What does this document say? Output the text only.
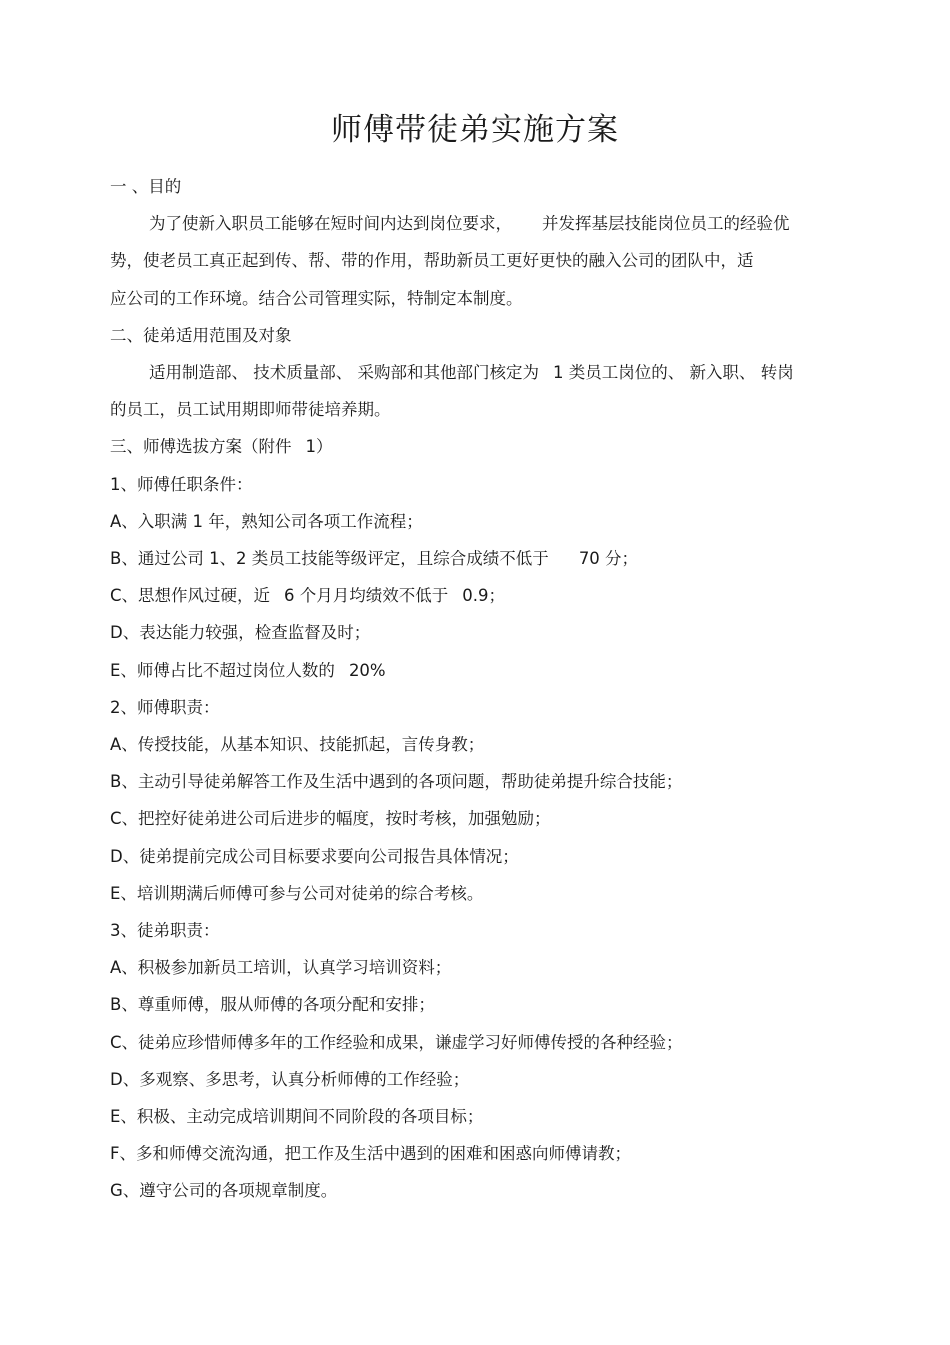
师傅带徒弟实施方案

一 、目的

为了使新入职员工能够在短时间内达到岗位要求， 并发挥基层技能岗位员工的经验优

势，使老员工真正起到传、帮、带的作用，帮助新员工更好更快的融入公司的团队中，适

应公司的工作环境。结合公司管理实际，特制定本制度。

二、徒弟适用范围及对象

适用制造部、 技术质量部、 采购部和其他部门核定为 1 类员工岗位的、 新入职、 转岗

的员工，员工试用期即师带徒培养期。

三、师傅选拔方案（附件 1）

1、师傅任职条件：

A、入职满 1 年，熟知公司各项工作流程；

B、通过公司 1、2 类员工技能等级评定，且综合成绩不低于 70 分；

C、思想作风过硬，近 6 个月月均绩效不低于 0.9；

D、表达能力较强，检查监督及时；

E、师傅占比不超过岗位人数的 20%

2、师傅职责：

A、传授技能，从基本知识、技能抓起，言传身教；

B、主动引导徒弟解答工作及生活中遇到的各项问题，帮助徒弟提升综合技能；

C、把控好徒弟进公司后进步的幅度，按时考核，加强勉励；

D、徒弟提前完成公司目标要求要向公司报告具体情况；

E、培训期满后师傅可参与公司对徒弟的综合考核。

3、徒弟职责：

A、积极参加新员工培训，认真学习培训资料；

B、尊重师傅，服从师傅的各项分配和安排；

C、徒弟应珍惜师傅多年的工作经验和成果，谦虚学习好师傅传授的各种经验；

D、多观察、多思考，认真分析师傅的工作经验；

E、积极、主动完成培训期间不同阶段的各项目标；

F、多和师傅交流沟通，把工作及生活中遇到的困难和困惑向师傅请教；

G、遵守公司的各项规章制度。
